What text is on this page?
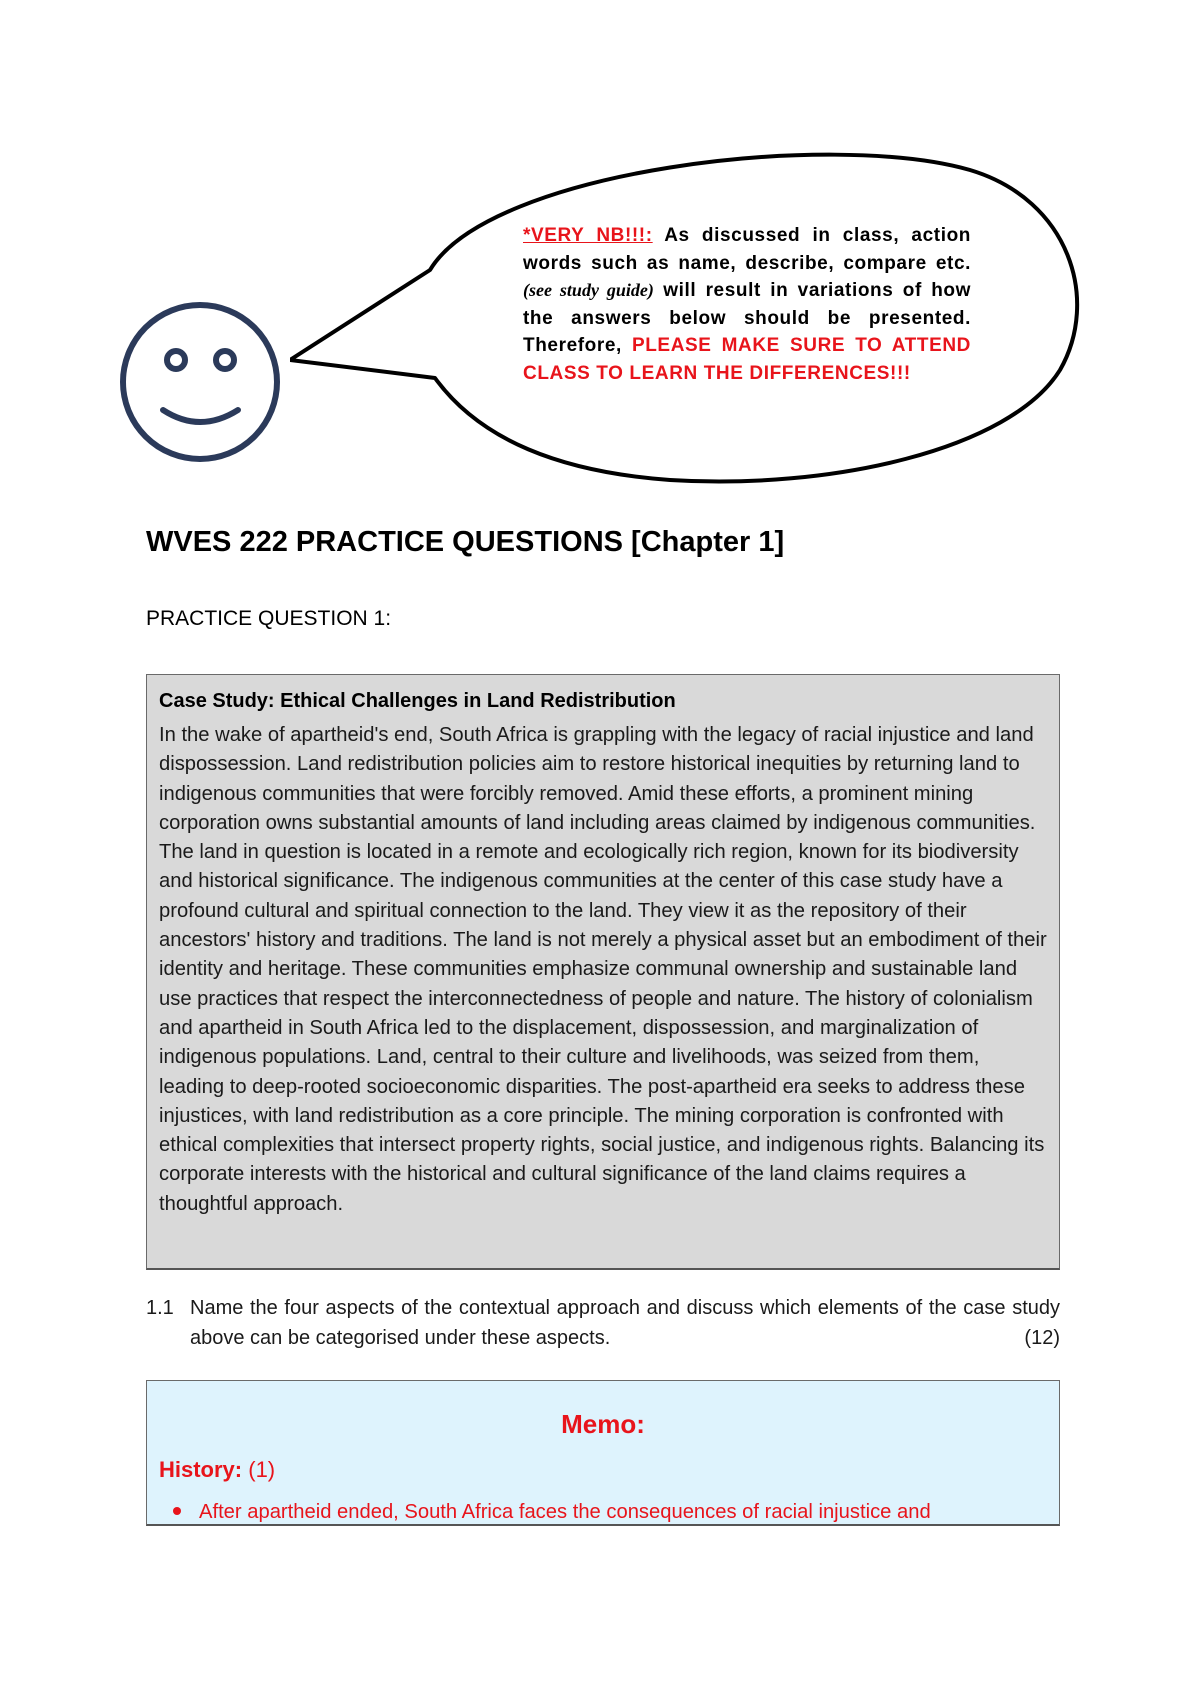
*VERY NB!!!: As discussed in class, action words such as name, describe, compare etc. (see study guide) will result in variations of how the answers below should be presented. Therefore, PLEASE MAKE SURE TO ATTEND CLASS TO LEARN THE DIFFERENCES!!!
WVES 222 PRACTICE QUESTIONS [Chapter 1]
PRACTICE QUESTION 1:
Case Study: Ethical Challenges in Land Redistribution
In the wake of apartheid's end, South Africa is grappling with the legacy of racial injustice and land dispossession. Land redistribution policies aim to restore historical inequities by returning land to indigenous communities that were forcibly removed. Amid these efforts, a prominent mining corporation owns substantial amounts of land including areas claimed by indigenous communities. The land in question is located in a remote and ecologically rich region, known for its biodiversity and historical significance. The indigenous communities at the center of this case study have a profound cultural and spiritual connection to the land. They view it as the repository of their ancestors' history and traditions. The land is not merely a physical asset but an embodiment of their identity and heritage. These communities emphasize communal ownership and sustainable land use practices that respect the interconnectedness of people and nature. The history of colonialism and apartheid in South Africa led to the displacement, dispossession, and marginalization of indigenous populations. Land, central to their culture and livelihoods, was seized from them, leading to deep-rooted socioeconomic disparities. The post-apartheid era seeks to address these injustices, with land redistribution as a core principle. The mining corporation is confronted with ethical complexities that intersect property rights, social justice, and indigenous rights. Balancing its corporate interests with the historical and cultural significance of the land claims requires a thoughtful approach.
1.1 Name the four aspects of the contextual approach and discuss which elements of the case study above can be categorised under these aspects.	(12)
Memo:
History: (1)
After apartheid ended, South Africa faces the consequences of racial injustice and
